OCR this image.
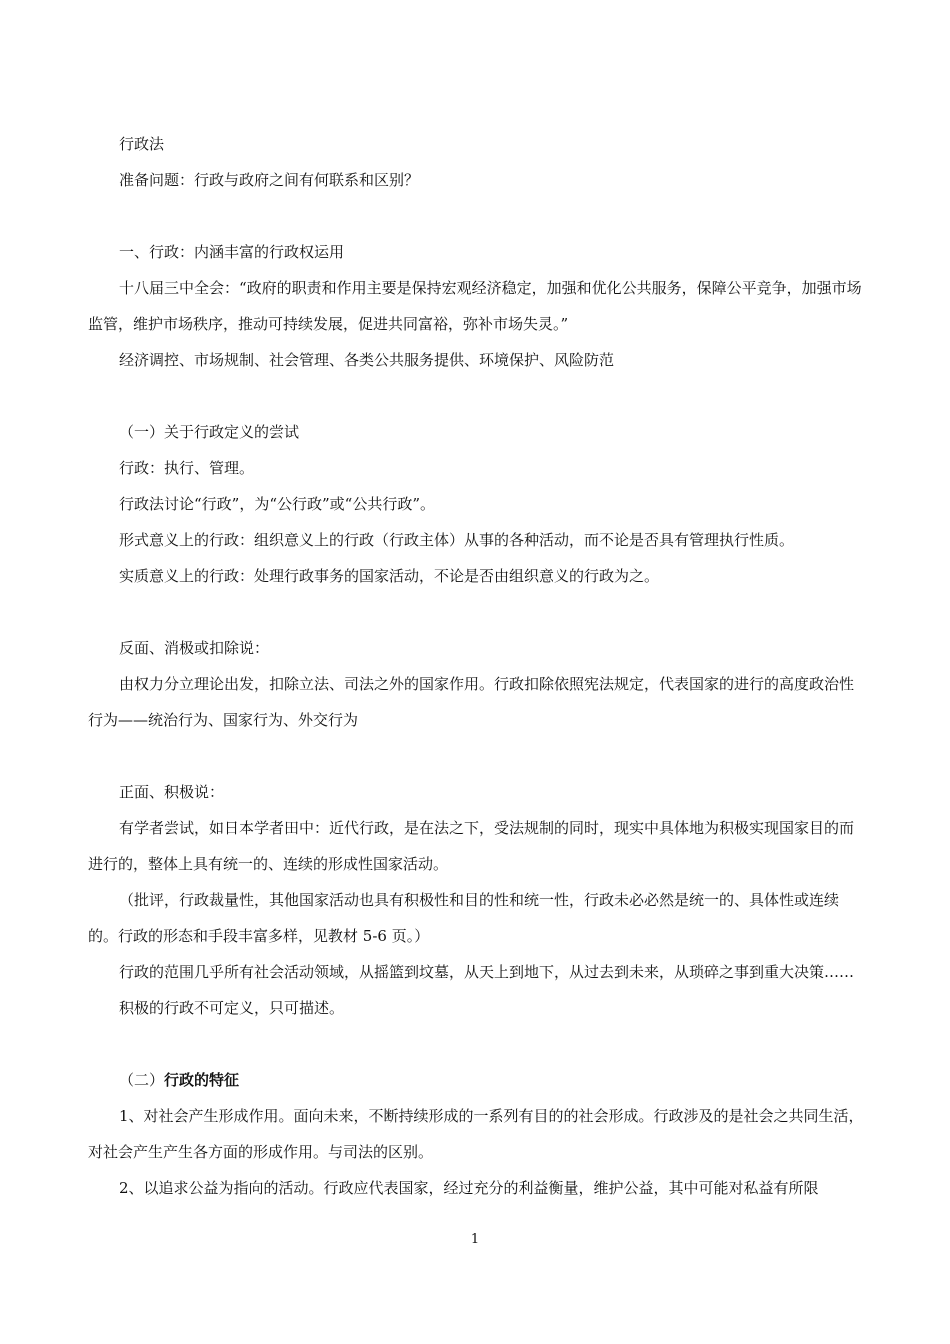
行政法

准备问题：行政与政府之间有何联系和区别？

一、行政：内涵丰富的行政权运用

十八届三中全会：“政府的职责和作用主要是保持宏观经济稳定，加强和优化公共服务，保障公平竞争，加强市场监管，维护市场秩序，推动可持续发展，促进共同富裕，弥补市场失灵。”

经济调控、市场规制、社会管理、各类公共服务提供、环境保护、风险防范

（一）关于行政定义的尝试

行政：执行、管理。

行政法讨论“行政”，为“公行政”或“公共行政”。

形式意义上的行政：组织意义上的行政（行政主体）从事的各种活动，而不论是否具有管理执行性质。

实质意义上的行政：处理行政事务的国家活动，不论是否由组织意义的行政为之。

反面、消极或扣除说：

由权力分立理论出发，扣除立法、司法之外的国家作用。行政扣除依照宪法规定，代表国家的进行的高度政治性行为——统治行为、国家行为、外交行为

正面、积极说：

有学者尝试，如日本学者田中：近代行政，是在法之下，受法规制的同时，现实中具体地为积极实现国家目的而进行的，整体上具有统一的、连续的形成性国家活动。

（批评，行政裁量性，其他国家活动也具有积极性和目的性和统一性，行政未必必然是统一的、具体性或连续的。行政的形态和手段丰富多样，见教材 5-6 页。）

行政的范围几乎所有社会活动领域，从摇篮到坟墓，从天上到地下，从过去到未来，从琐碎之事到重大决策……

积极的行政不可定义，只可描述。

（二）行政的特征

1、对社会产生形成作用。面向未来，不断持续形成的一系列有目的的社会形成。行政涉及的是社会之共同生活，对社会产生产生各方面的形成作用。与司法的区别。

2、以追求公益为指向的活动。行政应代表国家，经过充分的利益衡量，维护公益，其中可能对私益有所限

1
